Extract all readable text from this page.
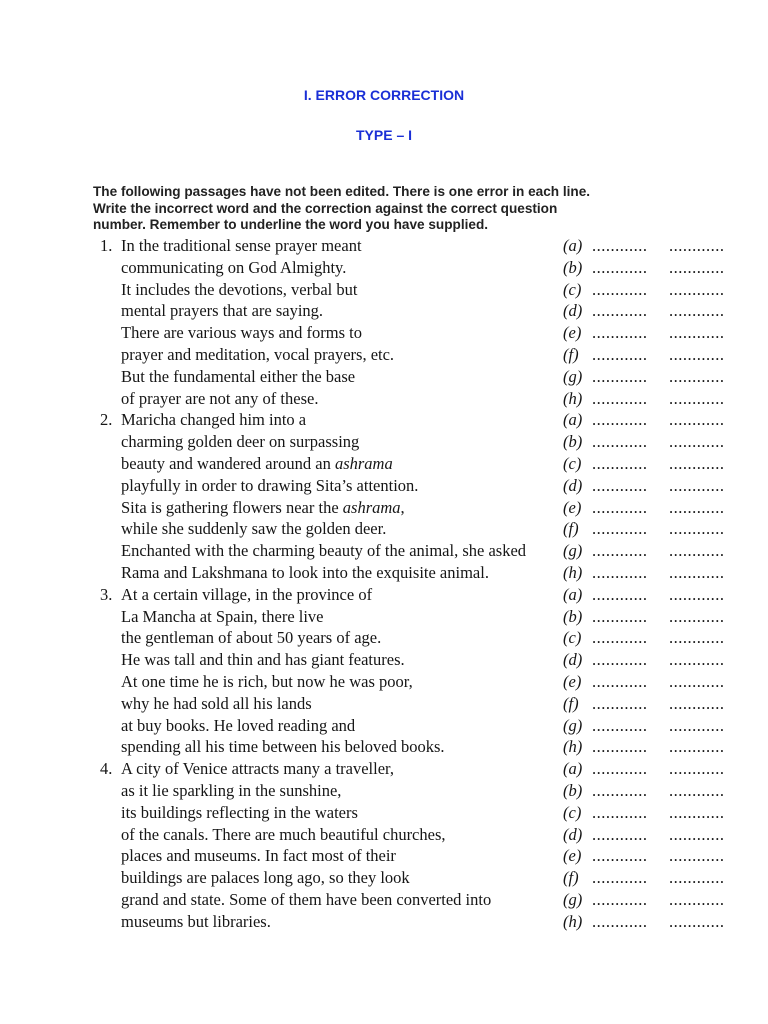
I. ERROR CORRECTION
TYPE – I

The following passages have not been edited. There is one error in each line.

Write the incorrect word and the correction against the correct question

number. Remember to underline the word you have supplied.

1. In the traditional sense prayer meant	(a) ............ ............
communicating on God Almighty.	(b) ............ ............
It includes the devotions, verbal but	(c) ............ ............
mental prayers that are saying.	(d) ............ ............
There are various ways and forms to	(e) ............ ............
prayer and meditation, vocal prayers, etc.	(f) ............ ............
But the fundamental either the base	(g) ............ ............
of prayer are not any of these.	(h) ............ ............
2. Maricha changed him into a	(a) ............ ............
charming golden deer on surpassing	(b) ............ ............
beauty and wandered around an ashrama	(c) ............ ............
playfully in order to drawing Sita’s attention.	(d) ............ ............
Sita is gathering flowers near the ashrama,	(e) ............ ............
while she suddenly saw the golden deer.	(f) ............ ............
Enchanted with the charming beauty of the animal, she asked (g) ............ ............
Rama and Lakshmana to look into the exquisite animal.	(h) ............ ............
3. At a certain village, in the province of	(a) ............ ............
La Mancha at Spain, there live	(b) ............ ............
the gentleman of about 50 years of age.	(c) ............ ............
He was tall and thin and has giant features.	(d) ............ ............
At one time he is rich, but now he was poor,	(e) ............ ............
why he had sold all his lands	(f) ............ ............
at buy books. He loved reading and	(g) ............ ............
spending all his time between his beloved books.	(h) ............ ............
4. A city of Venice attracts many a traveller,	(a) ............ ............
as it lie sparkling in the sunshine,	(b) ............ ............
its buildings reflecting in the waters	(c) ............ ............
of the canals. There are much beautiful churches,	(d) ............ ............
places and museums. In fact most of their	(e) ............ ............
buildings are palaces long ago, so they look	(f) ............ ............
grand and state. Some of them have been converted into	(g) ............ ............
museums but libraries.	(h) ............ ............
